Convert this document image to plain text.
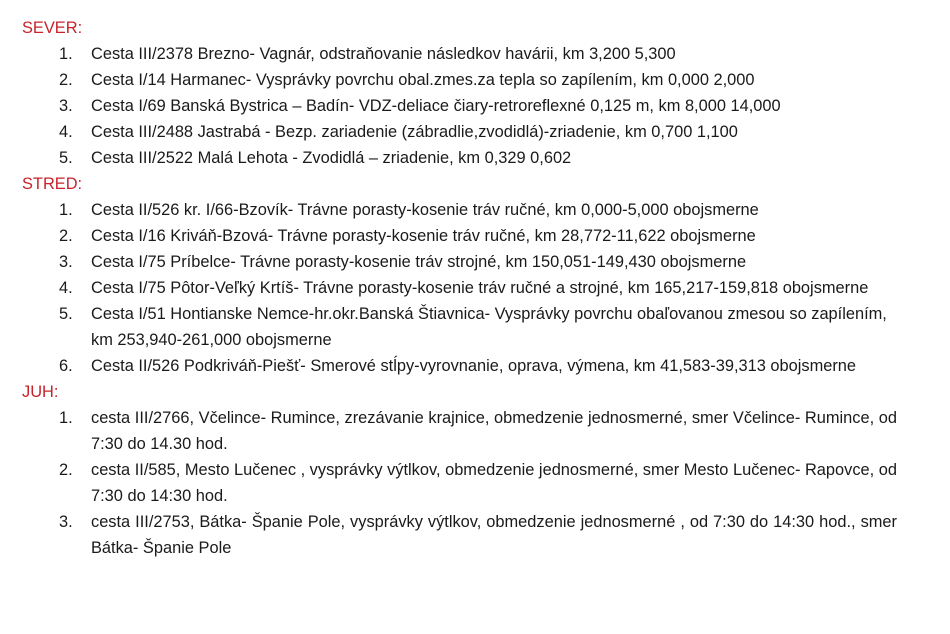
SEVER:
1.	Cesta III/2378 Brezno- Vagnár, odstraňovanie následkov havárii, km 3,200 5,300
2.	Cesta I/14 Harmanec- Vysprávky povrchu obal.zmes.za tepla so zapílením, km 0,000 2,000
3.	Cesta I/69 Banská Bystrica – Badín- VDZ-deliace čiary-retroreflexné 0,125 m, km 8,000 14,000
4.	Cesta III/2488 Jastrabá - Bezp. zariadenie (zábradlie,zvodidlá)-zriadenie, km 0,700 1,100
5.	Cesta III/2522 Malá Lehota - Zvodidlá – zriadenie, km 0,329 0,602
STRED:
1.	Cesta II/526 kr. I/66-Bzovík- Trávne porasty-kosenie tráv ručné, km 0,000-5,000 obojsmerne
2.	Cesta I/16 Kriváň-Bzová- Trávne porasty-kosenie tráv ručné, km 28,772-11,622 obojsmerne
3.	Cesta I/75 Príbelce- Trávne porasty-kosenie tráv strojné, km 150,051-149,430 obojsmerne
4.	Cesta I/75 Pôtor-Veľký Krtíš- Trávne porasty-kosenie tráv ručné a strojné, km 165,217-159,818 obojsmerne
5.	Cesta I/51 Hontianske Nemce-hr.okr.Banská Štiavnica- Vysprávky povrchu obaľovanou zmesou so zapílením, km 253,940-261,000 obojsmerne
6.	Cesta II/526 Podkriváň-Piešť- Smerové stĺpy-vyrovnanie, oprava, výmena, km 41,583-39,313 obojsmerne
JUH:
1.	cesta III/2766, Včelince- Rumince, zrezávanie krajnice, obmedzenie jednosmerné, smer Včelince- Rumince, od 7:30 do 14.30 hod.
2.	cesta II/585, Mesto Lučenec , vysprávky výtlkov, obmedzenie jednosmerné, smer Mesto Lučenec- Rapovce, od 7:30 do 14:30 hod.
3.	cesta III/2753, Bátka- Španie Pole, vysprávky výtlkov, obmedzenie jednosmerné , od 7:30 do 14:30 hod., smer Bátka- Španie Pole
